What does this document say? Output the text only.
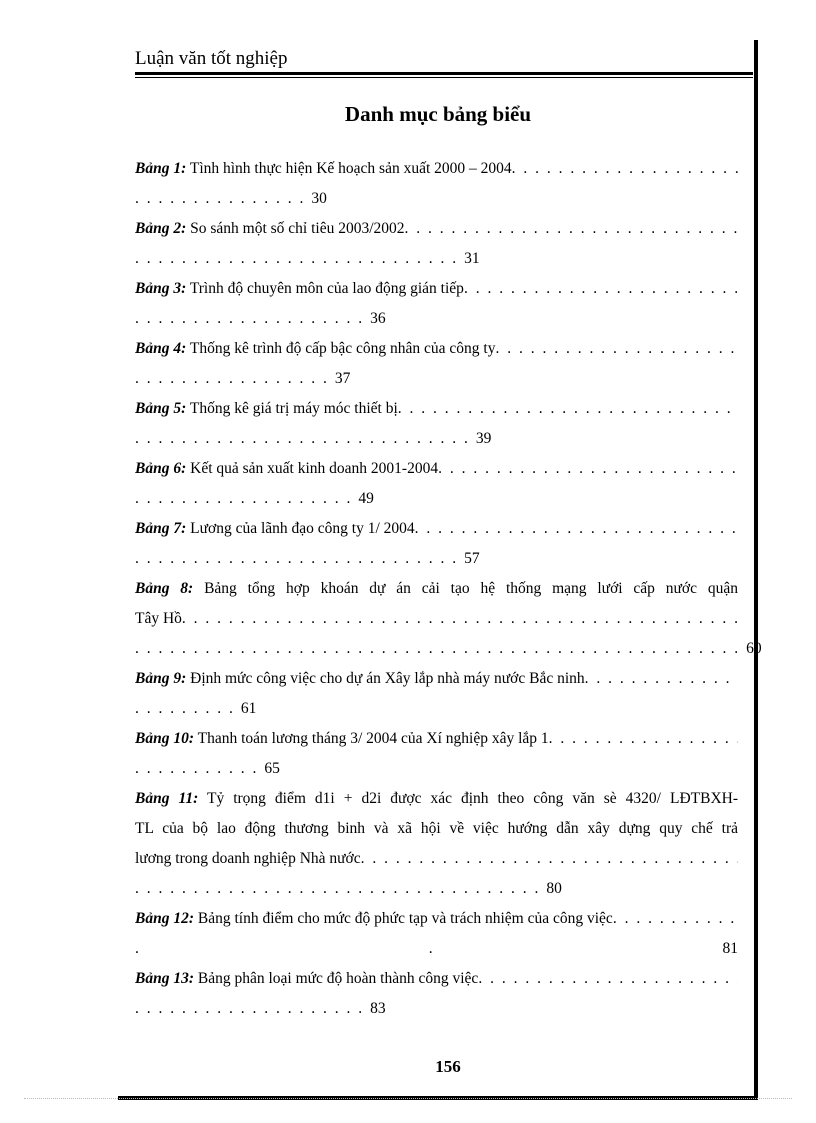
Luận văn tốt nghiệp
Danh mục bảng biểu
Bảng 1: Tình hình thực hiện Kế hoạch sản xuất 2000 – 2004
. . .
. . . . . . . . . . . . . . . 30
Bảng 2: So sánh một số chỉ tiêu 2003/2002
. . .
. . . . . . . . . . . . . . . . . . . . . . . . . . . . 31
Bảng 3: Trình độ chuyên môn của lao động gián tiếp
. . .
. . . . . . . . . . . . . . . . . . . . 36
Bảng 4: Thống kê trình độ cấp bậc công nhân của công ty
. . .
. . . . . . . . . . . . . . . . . 37
Bảng 5: Thống kê giá trị máy móc thiết bị
. . .
. . . . . . . . . . . . . . . . . . . . . . . . . . . . . 39
Bảng 6: Kết quả sản xuất kinh doanh 2001-2004
. . .
. . . . . . . . . . . . . . . . . . . 49
Bảng 7: Lương của lãnh đạo công ty 1/ 2004
. . .
. . . . . . . . . . . . . . . . . . . . . . . . . . . . 57
Bảng 8: Bảng tổng hợp khoán dự án cải tạo hệ thống mạng lưới cấp nước quận
Tây Hồ
. . .
. . . . . . . . . . . . . . . . . . . . . . . . . . . . . . . . . . . . . . . . . . . . . . . . . . . . 60
Bảng 9: Định mức công việc cho dự án Xây lắp nhà máy nước Bắc ninh
. . .
. . . . . . . . . 61
Bảng 10: Thanh toán lương tháng 3/ 2004 của Xí nghiệp xây lắp 1
. . .
. . . . . . . . . . . 65
Bảng 11: Tỷ trọng điểm d1i + d2i được xác định theo công văn sè 4320/ LĐTBXH-
TL của bộ lao động thương binh và xã hội về việc hướng dẫn xây dựng quy chế trả
lương trong doanh nghiệp Nhà nước
. . .
. . . . . . . . . . . . . . . . . . . . . . . . . . . . . . . . . . . 80
Bảng 12: Bảng tính điểm cho mức độ phức tạp và trách nhiệm của công việc
. . .
.	.	81
Bảng 13: Bảng phân loại mức độ hoàn thành công việc
. . .
. . . . . . . . . . . . . . . . . . . . 83
156
